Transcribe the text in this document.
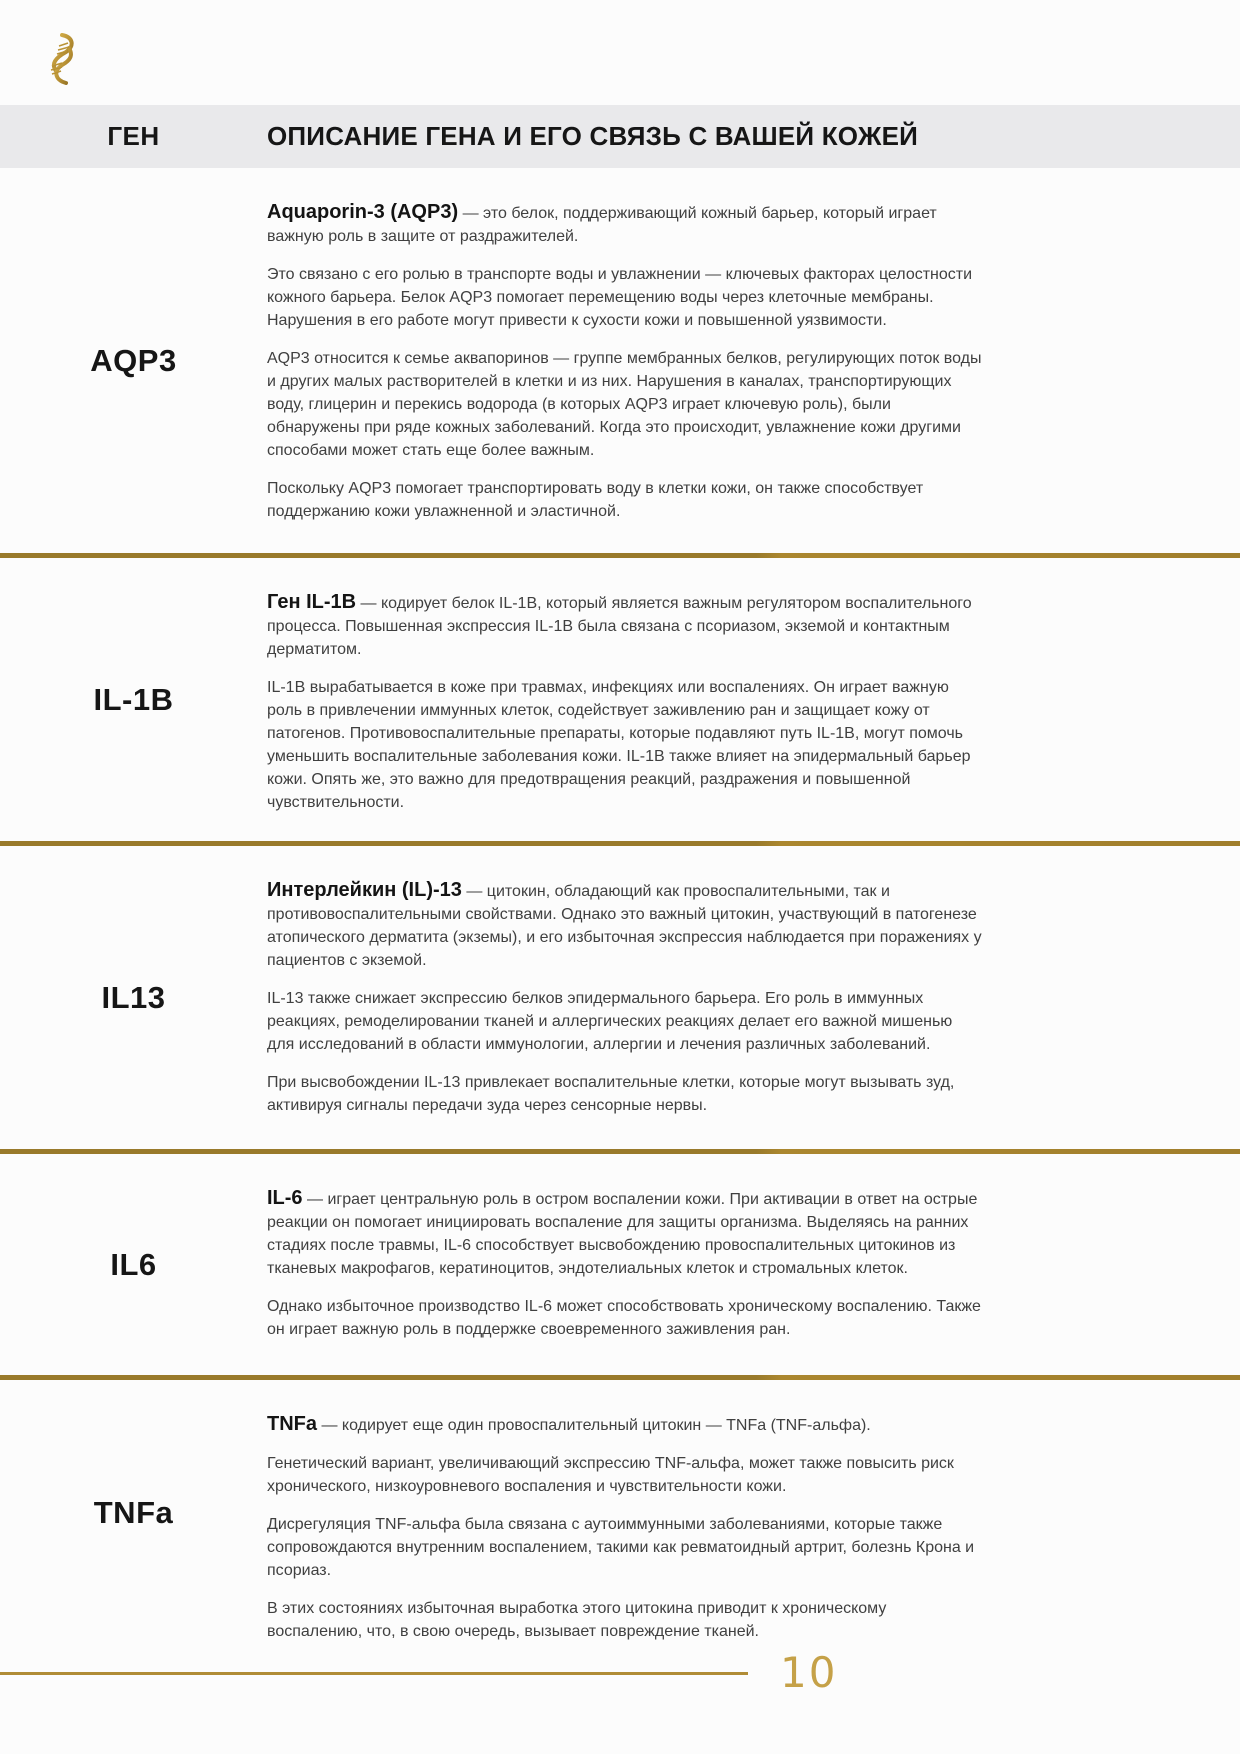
ГЕН	ОПИСАНИЕ ГЕНА И ЕГО СВЯЗЬ С ВАШЕЙ КОЖЕЙ
AQP3

Aquaporin-3 (AQP3) — это белок, поддерживающий кожный барьер, который играет важную роль в защите от раздражителей.

Это связано с его ролью в транспорте воды и увлажнении — ключевых факторах целостности кожного барьера. Белок AQP3 помогает перемещению воды через клеточные мембраны. Нарушения в его работе могут привести к сухости кожи и повышенной уязвимости.

AQP3 относится к семье аквапоринов — группе мембранных белков, регулирующих поток воды и других малых растворителей в клетки и из них. Нарушения в каналах, транспортирующих воду, глицерин и перекись водорода (в которых AQP3 играет ключевую роль), были обнаружены при ряде кожных заболеваний. Когда это происходит, увлажнение кожи другими способами может стать еще более важным.

Поскольку AQP3 помогает транспортировать воду в клетки кожи, он также способствует поддержанию кожи увлажненной и эластичной.

IL-1B

Ген IL-1B — кодирует белок IL-1B, который является важным регулятором воспалительного процесса. Повышенная экспрессия IL-1B была связана с псориазом, экземой и контактным дерматитом.

IL-1B вырабатывается в коже при травмах, инфекциях или воспалениях. Он играет важную роль в привлечении иммунных клеток, содействует заживлению ран и защищает кожу от патогенов. Противовоспалительные препараты, которые подавляют путь IL-1B, могут помочь уменьшить воспалительные заболевания кожи. IL-1B также влияет на эпидермальный барьер кожи. Опять же, это важно для предотвращения реакций, раздражения и повышенной чувствительности.

IL13

Интерлейкин (IL)-13 — цитокин, обладающий как провоспалительными, так и противовоспалительными свойствами. Однако это важный цитокин, участвующий в патогенезе атопического дерматита (экземы), и его избыточная экспрессия наблюдается при поражениях у пациентов с экземой.

IL-13 также снижает экспрессию белков эпидермального барьера. Его роль в иммунных реакциях, ремоделировании тканей и аллергических реакциях делает его важной мишенью для исследований в области иммунологии, аллергии и лечения различных заболеваний.

При высвобождении IL-13 привлекает воспалительные клетки, которые могут вызывать зуд, активируя сигналы передачи зуда через сенсорные нервы.

IL6

IL-6 — играет центральную роль в остром воспалении кожи. При активации в ответ на острые реакции он помогает инициировать воспаление для защиты организма. Выделяясь на ранних стадиях после травмы, IL-6 способствует высвобождению провоспалительных цитокинов из тканевых макрофагов, кератиноцитов, эндотелиальных клеток и стромальных клеток.

Однако избыточное производство IL-6 может способствовать хроническому воспалению. Также он играет важную роль в поддержке своевременного заживления ран.

TNFa

TNFa — кодирует еще один провоспалительный цитокин — TNFa (TNF-альфа).

Генетический вариант, увеличивающий экспрессию TNF-альфа, может также повысить риск хронического, низкоуровневого воспаления и чувствительности кожи.

Дисрегуляция TNF-альфа была связана с аутоиммунными заболеваниями, которые также сопровождаются внутренним воспалением, такими как ревматоидный артрит, болезнь Крона и псориаз.

В этих состояниях избыточная выработка этого цитокина приводит к хроническому воспалению, что, в свою очередь, вызывает повреждение тканей.

10
